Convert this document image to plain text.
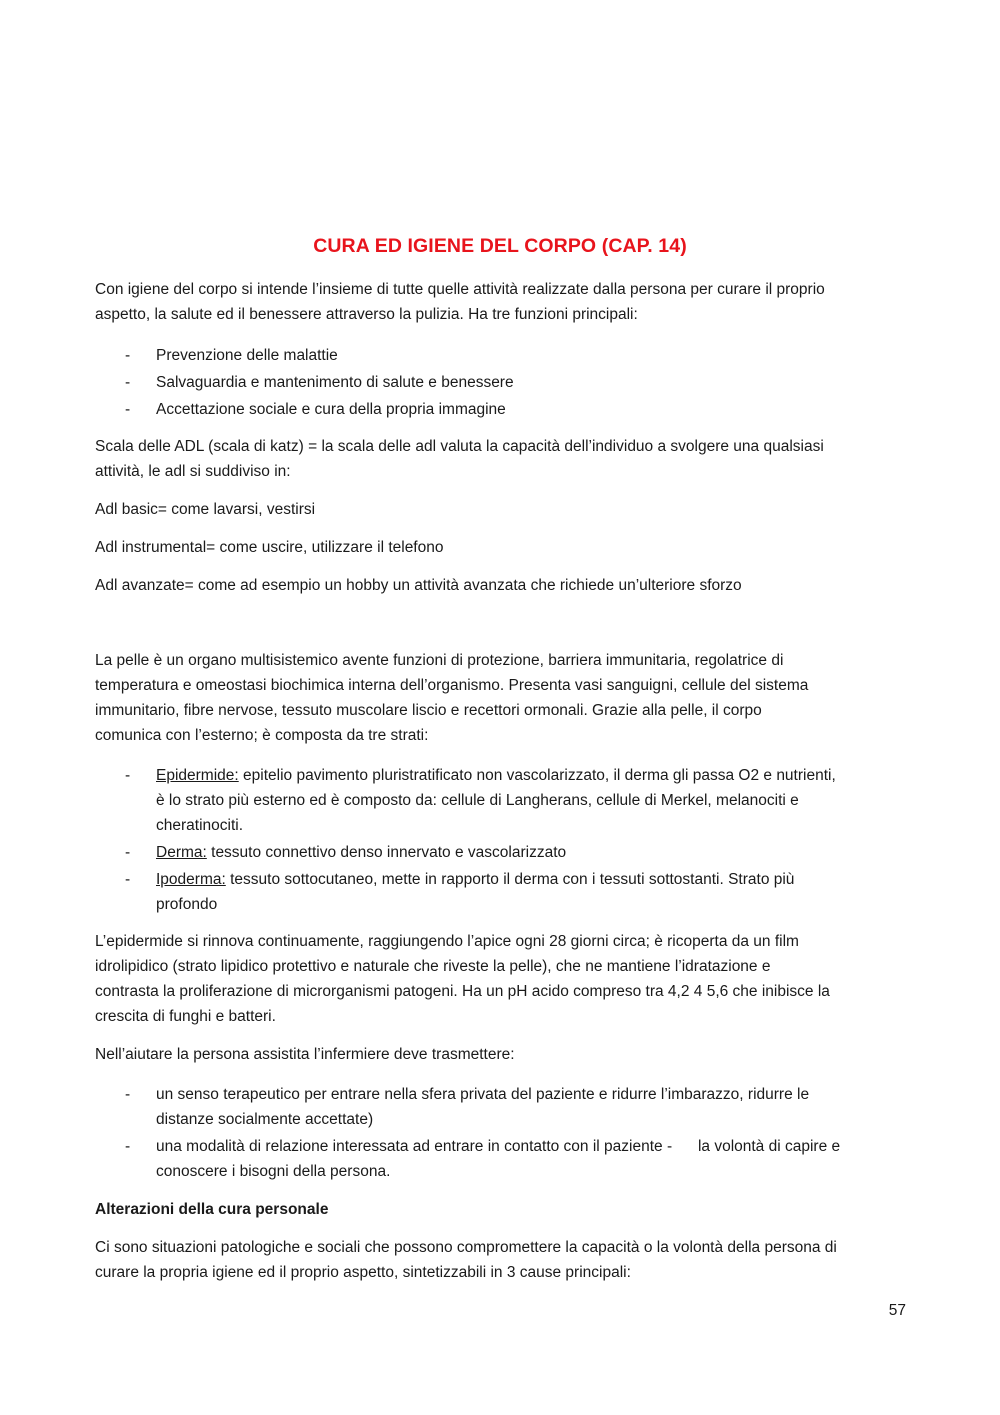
CURA ED IGIENE DEL CORPO (CAP. 14)
Con igiene del corpo si intende l’insieme di tutte quelle attività realizzate dalla persona per curare il proprio
aspetto, la salute ed il benessere attraverso la pulizia. Ha tre funzioni principali:
- Prevenzione delle malattie
- Salvaguardia e mantenimento di salute e benessere
- Accettazione sociale e cura della propria immagine
Scala delle ADL (scala di katz) = la scala delle adl valuta la capacità dell’individuo a svolgere una qualsiasi
attività, le adl si suddiviso in:
Adl basic= come lavarsi, vestirsi
Adl instrumental= come uscire, utilizzare il telefono
Adl avanzate= come ad esempio un hobby un attività avanzata che richiede un’ulteriore sforzo
La pelle è un organo multisistemico avente funzioni di protezione, barriera immunitaria, regolatrice di
temperatura e omeostasi biochimica interna dell’organismo. Presenta vasi sanguigni, cellule del sistema
immunitario, fibre nervose, tessuto muscolare liscio e recettori ormonali. Grazie alla pelle, il corpo
comunica con l’esterno; è composta da tre strati:
- Epidermide: epitelio pavimento pluristratificato non vascolarizzato, il derma gli passa O2 e nutrienti,
è lo strato più esterno ed è composto da: cellule di Langherans, cellule di Merkel, melanociti e
cheratinociti.
- Derma: tessuto connettivo denso innervato e vascolarizzato
- Ipoderma: tessuto sottocutaneo, mette in rapporto il derma con i tessuti sottostanti. Strato più
profondo
L’epidermide si rinnova continuamente, raggiungendo l’apice ogni 28 giorni circa; è ricoperta da un film
idrolipidico (strato lipidico protettivo e naturale che riveste la pelle), che ne mantiene l’idratazione e
contrasta la proliferazione di microrganismi patogeni. Ha un pH acido compreso tra 4,2 4 5,6 che inibisce la
crescita di funghi e batteri.
Nell’aiutare la persona assistita l’infermiere deve trasmettere:
- un senso terapeutico per entrare nella sfera privata del paziente e ridurre l’imbarazzo, ridurre le
distanze socialmente accettate)
- una modalità di relazione interessata ad entrare in contatto con il paziente -      la volontà di capire e
conoscere i bisogni della persona.
Alterazioni della cura personale
Ci sono situazioni patologiche e sociali che possono compromettere la capacità o la volontà della persona di
curare la propria igiene ed il proprio aspetto, sintetizzabili in 3 cause principali:
57
